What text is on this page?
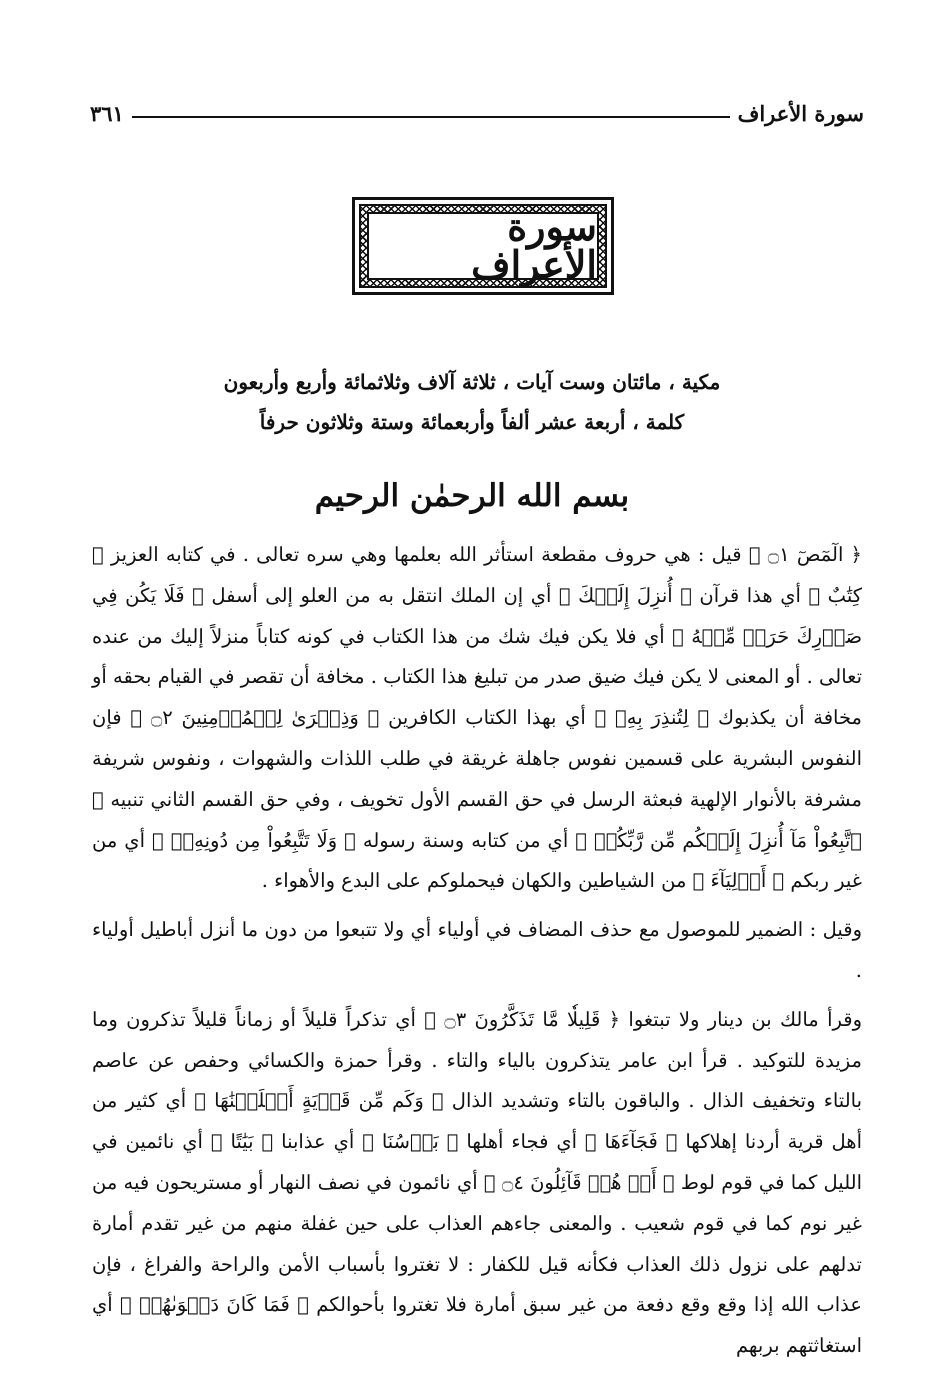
سورة الأعراف
٣٦١
سورة الأعراف
مكية ، مائتان وست آيات ، ثلاثة آلاف وثلاثمائة وأربع وأربعون
كلمة ، أربعة عشر ألفاً وأربعمائة وستة وثلاثون حرفاً
بسم الله الرحمٰن الرحيم

﴿ الٓمٓصٓ ۝١ ﴾ قيل : هي حروف مقطعة استأثر الله بعلمها وهي سره تعالى . في كتابه العزيز ﴿ كِتَٰبٌ ﴾ أي هذا قرآن ﴿ أُنزِلَ إِلَيۡكَ ﴾ أي إن الملك انتقل به من العلو إلى أسفل ﴿ فَلَا يَكُن فِي صَدۡرِكَ حَرَجٞ مِّنۡهُ ﴾ أي فلا يكن فيك شك من هذا الكتاب في كونه كتاباً منزلاً إليك من عنده تعالى . أو المعنى لا يكن فيك ضيق صدر من تبليغ هذا الكتاب . مخافة أن تقصر في القيام بحقه أو مخافة أن يكذبوك ﴿ لِتُنذِرَ بِهِۦ ﴾ أي بهذا الكتاب الكافرين ﴿ وَذِكۡرَىٰ لِلۡمُؤۡمِنِينَ ۝٢ ﴾ فإن النفوس البشرية على قسمين نفوس جاهلة غريقة في طلب اللذات والشهوات ، ونفوس شريفة مشرفة بالأنوار الإلهية فبعثة الرسل في حق القسم الأول تخويف ، وفي حق القسم الثاني تنبيه ﴿ ٱتَّبِعُواْ مَآ أُنزِلَ إِلَيۡكُم مِّن رَّبِّكُمۡ ﴾ أي من كتابه وسنة رسوله ﴿ وَلَا تَتَّبِعُواْ مِن دُونِهِۦٓ ﴾ أي من غير ربكم ﴿ أَوۡلِيَآءَ ﴾ من الشياطين والكهان فيحملوكم على البدع والأهواء .

وقيل : الضمير للموصول مع حذف المضاف في أولياء أي ولا تتبعوا من دون ما أنزل أباطيل أولياء .

وقرأ مالك بن دينار ولا تبتغوا ﴿ قَلِيلٗا مَّا تَذَكَّرُونَ ۝٣ ﴾ أي تذكراً قليلاً أو زماناً قليلاً تذكرون وما مزيدة للتوكيد . قرأ ابن عامر يتذكرون بالياء والتاء . وقرأ حمزة والكسائي وحفص عن عاصم بالتاء وتخفيف الذال . والباقون بالتاء وتشديد الذال ﴿ وَكَم مِّن قَرۡيَةٍ أَهۡلَكۡنَٰهَا ﴾ أي كثير من أهل قرية أردنا إهلاكها ﴿ فَجَآءَهَا ﴾ أي فجاء أهلها ﴿ بَأۡسُنَا ﴾ أي عذابنا ﴿ بَيَٰتًا ﴾ أي نائمين في الليل كما في قوم لوط ﴿ أَوۡ هُمۡ قَآئِلُونَ ۝٤ ﴾ أي نائمون في نصف النهار أو مستريحون فيه من غير نوم كما في قوم شعيب . والمعنى جاءهم العذاب على حين غفلة منهم من غير تقدم أمارة تدلهم على نزول ذلك العذاب فكأنه قيل للكفار : لا تغتروا بأسباب الأمن والراحة والفراغ ، فإن عذاب الله إذا وقع وقع دفعة من غير سبق أمارة فلا تغتروا بأحوالكم ﴿ فَمَا كَانَ دَعۡوَىٰهُمۡ ﴾ أي استغاثتهم بربهم
